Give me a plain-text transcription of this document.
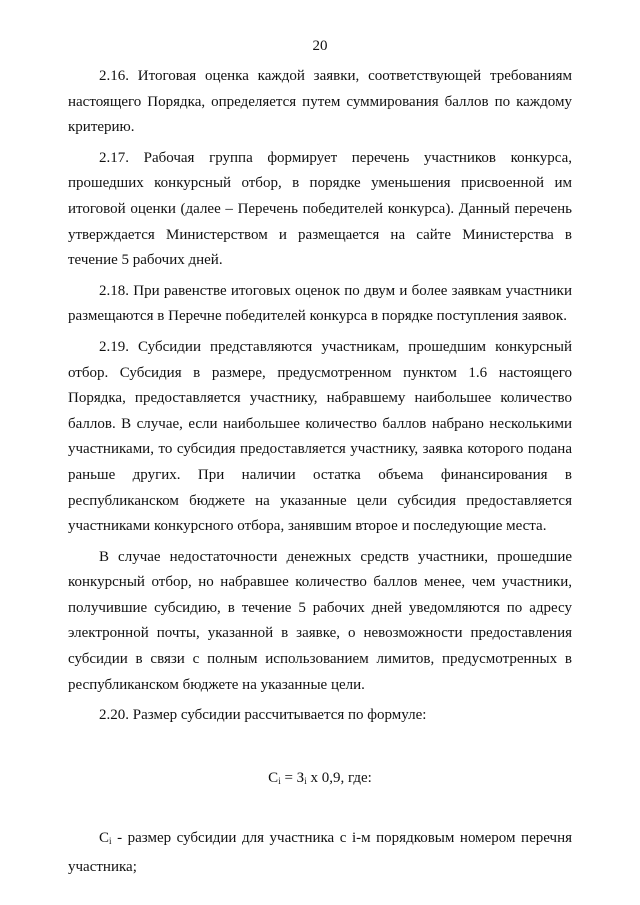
20

2.16. Итоговая оценка каждой заявки, соответствующей требованиям настоящего Порядка, определяется путем суммирования баллов по каждому критерию.

2.17. Рабочая группа формирует перечень участников конкурса, прошедших конкурсный отбор, в порядке уменьшения присвоенной им итоговой оценки (далее – Перечень победителей конкурса). Данный перечень утверждается Министерством и размещается на сайте Министерства в течение 5 рабочих дней.

2.18. При равенстве итоговых оценок по двум и более заявкам участники размещаются в Перечне победителей конкурса в порядке поступления заявок.

2.19. Субсидии представляются участникам, прошедшим конкурсный отбор. Субсидия в размере, предусмотренном пунктом 1.6 настоящего Порядка, предоставляется участнику, набравшему наибольшее количество баллов. В случае, если наибольшее количество баллов набрано несколькими участниками, то субсидия предоставляется участнику, заявка которого подана раньше других. При наличии остатка объема финансирования в республиканском бюджете на указанные цели субсидия предоставляется участниками конкурсного отбора, занявшим второе и последующие места.

В случае недостаточности денежных средств участники, прошедшие конкурсный отбор, но набравшее количество баллов менее, чем участники, получившие субсидию, в течение 5 рабочих дней уведомляются по адресу электронной почты, указанной в заявке, о невозможности предоставления субсидии в связи с полным использованием лимитов, предусмотренных в республиканском бюджете на указанные цели.

2.20. Размер субсидии рассчитывается по формуле:

$С_i = З_i$ х 0,9, где:

$С_i$ - размер субсидии для участника с i-м порядковым номером перечня участника;
